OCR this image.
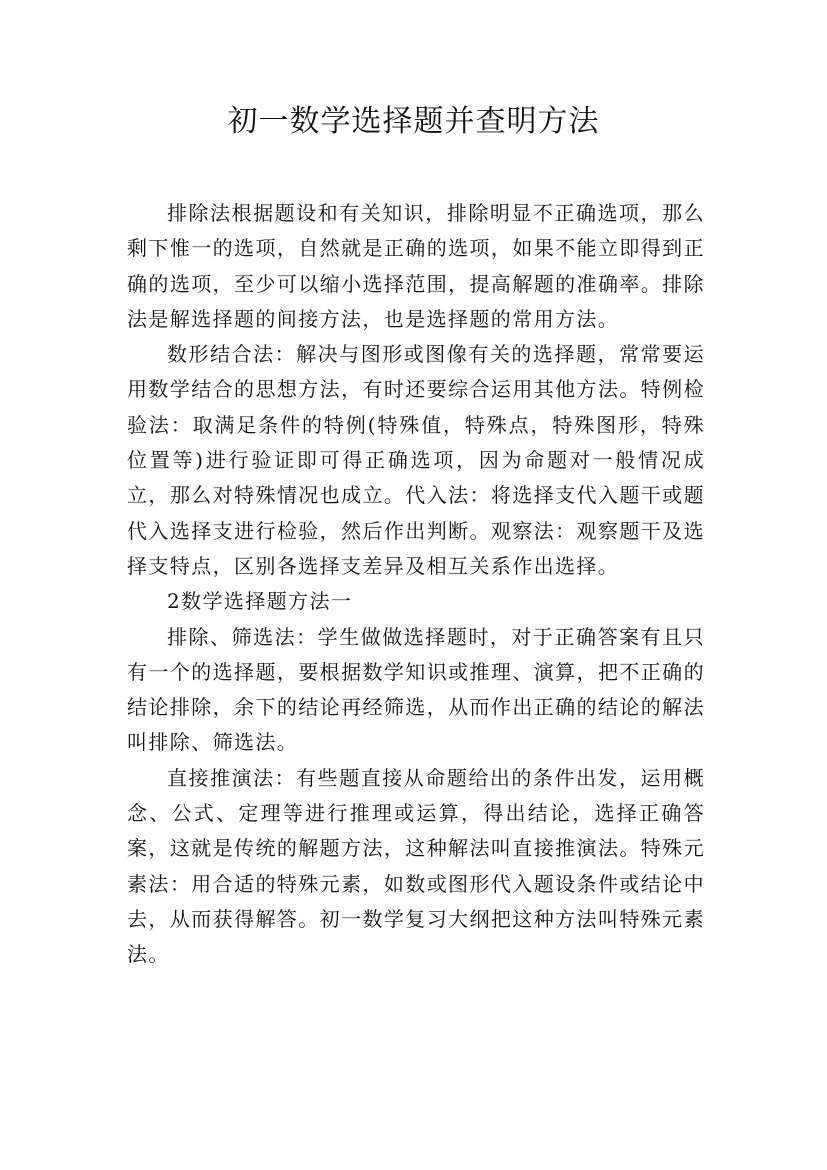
初一数学选择题并查明方法

排除法根据题设和有关知识，排除明显不正确选项，那么剩下惟一的选项，自然就是正确的选项，如果不能立即得到正确的选项，至少可以缩小选择范围，提高解题的准确率。排除法是解选择题的间接方法，也是选择题的常用方法。

数形结合法：解决与图形或图像有关的选择题，常常要运用数学结合的思想方法，有时还要综合运用其他方法。特例检验法：取满足条件的特例(特殊值，特殊点，特殊图形，特殊位置等)进行验证即可得正确选项，因为命题对一般情况成立，那么对特殊情况也成立。代入法：将选择支代入题干或题代入选择支进行检验，然后作出判断。观察法：观察题干及选择支特点，区别各选择支差异及相互关系作出选择。

2数学选择题方法一

排除、筛选法：学生做做选择题时，对于正确答案有且只有一个的选择题，要根据数学知识或推理、演算，把不正确的结论排除，余下的结论再经筛选，从而作出正确的结论的解法叫排除、筛选法。

直接推演法：有些题直接从命题给出的条件出发，运用概念、公式、定理等进行推理或运算，得出结论，选择正确答案，这就是传统的解题方法，这种解法叫直接推演法。特殊元素法：用合适的特殊元素，如数或图形代入题设条件或结论中去，从而获得解答。初一数学复习大纲把这种方法叫特殊元素法。
